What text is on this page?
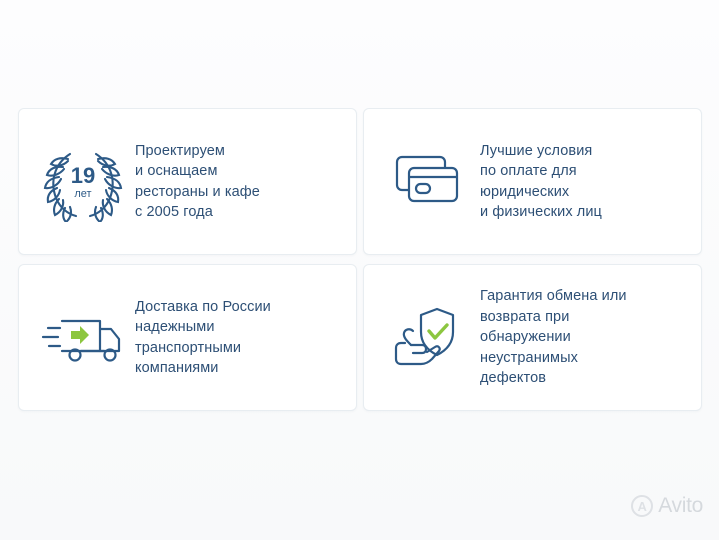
19
лет
Проектируем
и оснащаем
рестораны и кафе
с 2005 года
Лучшие условия
по оплате для
юридических
и физических лиц
Доставка по России
надежными
транспортными
компаниями
Гарантия обмена или
возврата при
обнаружении
неустранимых
дефектов
A Avito
